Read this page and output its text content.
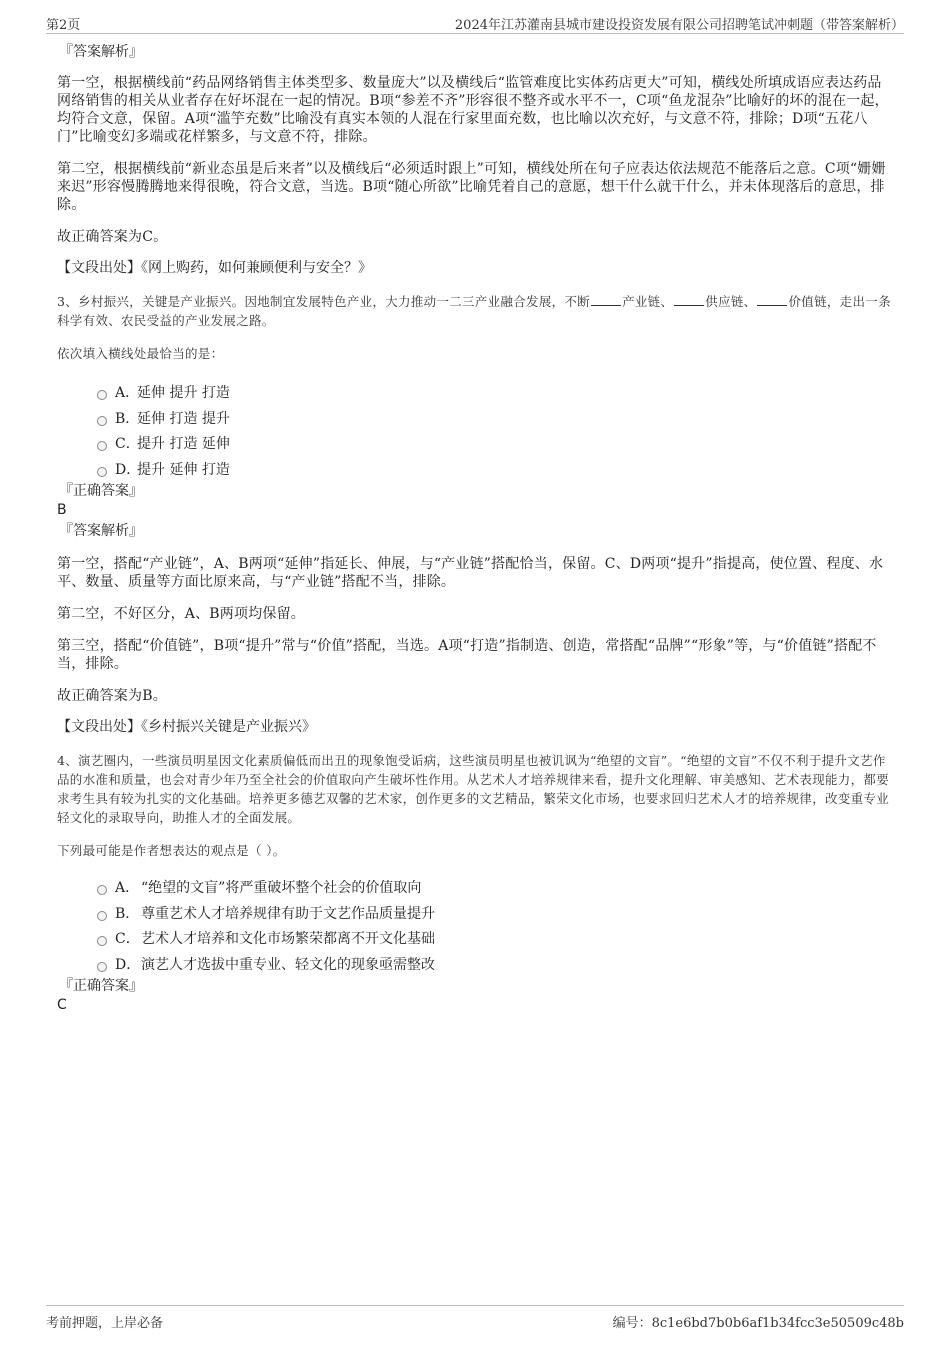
第2页	2024年江苏灌南县城市建设投资发展有限公司招聘笔试冲刺题（带答案解析）
『答案解析』

第一空，根据横线前“药品网络销售主体类型多、数量庞大”以及横线后“监管难度比实体药店更大”可知，横线处所填成语应表达药品网络销售的相关从业者存在好坏混在一起的情况。B项“参差不齐”形容很不整齐或水平不一，C项“鱼龙混杂”比喻好的坏的混在一起，均符合文意，保留。A项“滥竽充数”比喻没有真实本领的人混在行家里面充数，也比喻以次充好，与文意不符，排除；D项“五花八门”比喻变幻多端或花样繁多，与文意不符，排除。

第二空，根据横线前“新业态虽是后来者”以及横线后“必须适时跟上”可知，横线处所在句子应表达依法规范不能落后之意。C项“姗姗来迟”形容慢腾腾地来得很晚，符合文意，当选。B项“随心所欲”比喻凭着自己的意愿，想干什么就干什么，并未体现落后的意思，排除。

故正确答案为C。

【文段出处】《网上购药，如何兼顾便利与安全？》

3、乡村振兴，关键是产业振兴。因地制宜发展特色产业，大力推动一二三产业融合发展，不断	产业链、	供应链、	价值链，走出一条科学有效、农民受益的产业发展之路。

依次填入横线处最恰当的是：

A．
延伸 提升 打造
B．
延伸 打造 提升
C．
提升 打造 延伸
D．
提升 延伸 打造
『正确答案』
B
『答案解析』

第一空，搭配“产业链”，A、B两项“延伸”指延长、伸展，与“产业链”搭配恰当，保留。C、D两项“提升”指提高，使位置、程度、水平、数量、质量等方面比原来高，与“产业链”搭配不当，排除。

第二空，不好区分，A、B两项均保留。

第三空，搭配“价值链”，B项“提升”常与“价值”搭配，当选。A项“打造”指制造、创造，常搭配“品牌”“形象”等，与“价值链”搭配不当，排除。

故正确答案为B。

【文段出处】《乡村振兴关键是产业振兴》

4、演艺圈内，一些演员明星因文化素质偏低而出丑的现象饱受诟病，这些演员明星也被讥讽为“绝望的文盲”。“绝望的文盲”不仅不利于提升文艺作品的水准和质量，也会对青少年乃至全社会的价值取向产生破坏性作用。从艺术人才培养规律来看，提升文化理解、审美感知、艺术表现能力，都要求考生具有较为扎实的文化基础。培养更多德艺双馨的艺术家，创作更多的文艺精品，繁荣文化市场，也要求回归艺术人才的培养规律，改变重专业轻文化的录取导向，助推人才的全面发展。

下列最可能是作者想表达的观点是（ ）。

A． “绝望的文盲”将严重破坏整个社会的价值取向
B． 尊重艺术人才培养规律有助于文艺作品质量提升
C． 艺术人才培养和文化市场繁荣都离不开文化基础
D． 演艺人才选拔中重专业、轻文化的现象亟需整改
『正确答案』
C
考前押题，上岸必备	编号：8c1e6bd7b0b6af1b34fcc3e50509c48b
